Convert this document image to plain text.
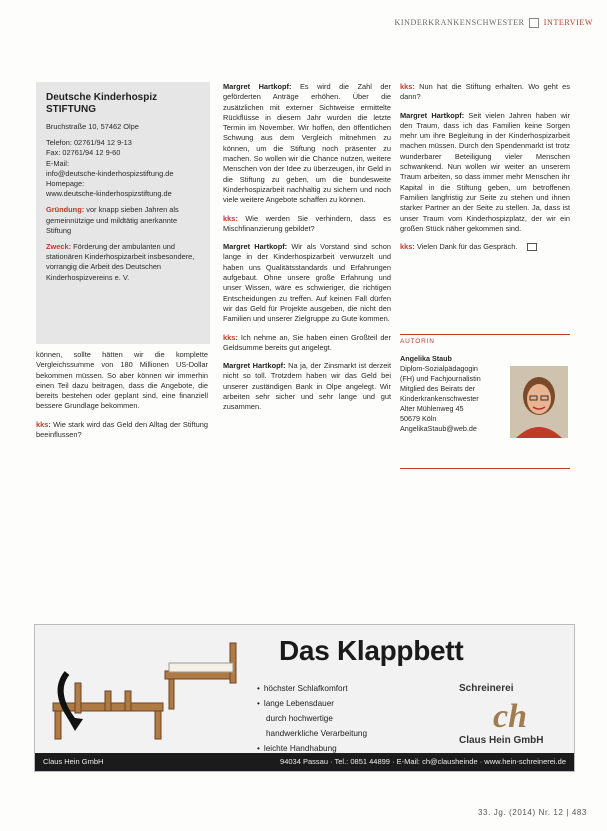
KINDERKRANKENSCHWESTER INTERVIEW
Deutsche Kinderhospiz STIFTUNG

Bruchstraße 10, 57462 Olpe

Telefon: 02761/94 12 9-13
Fax: 02761/94 12 9-60
E-Mail:
info@deutsche-kinderhospizstiftung.de
Homepage:
www.deutsche-kinderhospizstiftung.de

Gründung: vor knapp sieben Jahren als gemeinnützige und mildtätig anerkannte Stiftung

Zweck: Förderung der ambulanten und stationären Kinderhospizarbeit insbesondere, vorrangig die Arbeit des Deutschen Kinderhospizvereins e. V.

können, sollte hätten wir die komplette Vergleichssumme von 180 Millionen US-Dollar bekommen müssen. So aber können wir immerhin einen Teil dazu beitragen, dass die Angebote, die bereits bestehen oder geplant sind, eine finanziell bessere Grundlage bekommen.

kks: Wie stark wird das Geld den Alltag der Stiftung beeinflussen?

Margret Hartkopf: Es wird die Zahl der geförderten Anträge erhöhen. Über die zusätzlichen mit externer Sichtweise ermittelte Rückflüsse in diesem Jahr wurden die letzte Termin im November. Wir hoffen, den öffentlichen Schwung aus dem Vergleich mitnehmen zu können, um die Stiftung noch präsenter zu machen. So wollen wir die Chance nutzen, weitere Menschen von der Idee zu überzeugen, ihr Geld in die Stiftung zu geben, um die bundesweite Kinderhospizarbeit nachhaltig zu sichern und noch viele weitere Angebote schaffen zu können.

kks: Wie werden Sie verhindern, dass es Mischfinanzierung gebildet?

Margret Hartkopf: Wir als Vorstand sind schon lange in der Kinderhospizarbeit verwurzelt und haben uns Qualitätsstandards und Erfahrungen aufgebaut. Ohne unsere große Erfahrung und unser Wissen, wäre es schwieriger, die richtigen Entscheidungen zu treffen. Auf keinen Fall dürfen wir das Geld für Projekte ausgeben, die nicht den Familien und unserer Zielgruppe zu Gute kommen.

kks: Ich nehme an, Sie haben einen Großteil der Geldsumme bereits gut angelegt.

Margret Hartkopf: Na ja, der Zinsmarkt ist derzeit nicht so toll. Trotzdem haben wir das Geld bei unserer zuständigen Bank in Olpe angelegt. Wir arbeiten sehr sicher und sehr lange und gut zusammen.

kks: Nun hat die Stiftung erhalten. Wo geht es dann?

Margret Hartkopf: Seit vielen Jahren haben wir den Traum, dass ich das Familien keine Sorgen mehr um ihre Begleitung in der Kinderhospizarbeit machen müssen. Durch den Spendenmarkt ist trotz wunderbarer Beteiligung vieler Menschen schwankend. Nun wollen wir weiter an unserem Traum arbeiten, so dass immer mehr Menschen ihr Kapital in die Stiftung geben, um betroffenen Familien langfristig zur Seite zu stehen und ihnen starker Partner an der Seite zu stellen. Ja, dass ist unser Traum vom Kinderhospizplatz, der wir ein großen Stück näher gekommen sind.

kks: Vielen Dank für das Gespräch.

AUTORIN
Angelika Staub
Diplom-Sozialpädagogin
(FH) und Fachjournalistin
Mitglied des Beirats der
Kinderkrankenschwester
Alter Mühlenweg 45
50679 Köln
AngelikaStaub@web.de
Das Klappbett
• höchster Schlafkomfort
• lange Lebensdauer
durch hochwertige
handwerkliche Verarbeitung
• leichte Handhabung
Schreinerei
ch
Claus Hein GmbH
Claus Hein GmbH	94034 Passau · Tel.: 0851 44899 · E-Mail: ch@clausheinde · www.hein-schreinerei.de
33. Jg. (2014) Nr. 12 | 483
